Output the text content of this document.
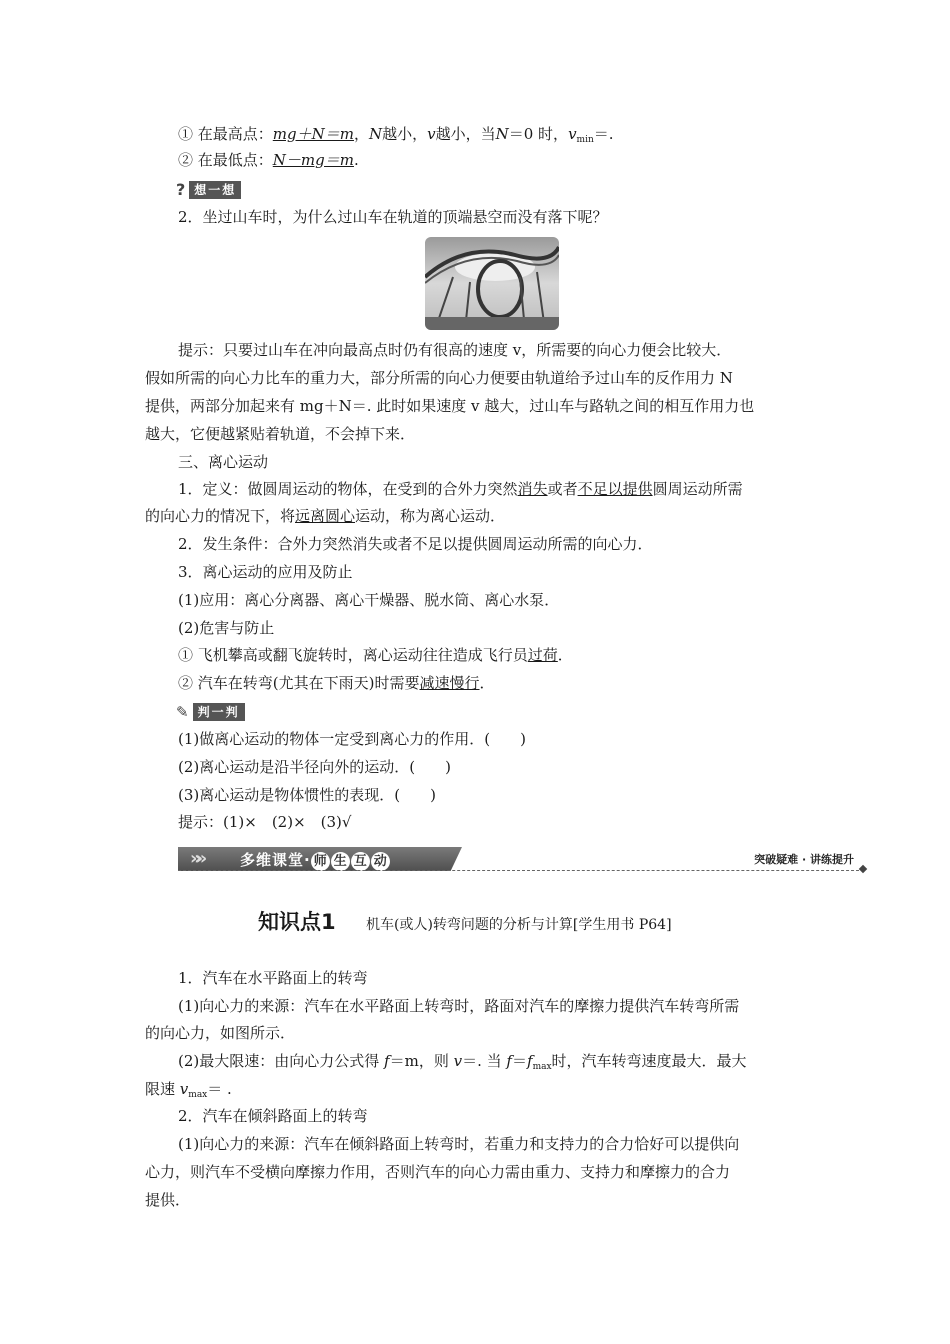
① 在最高点：mg＋N＝m，N越小，v越小，当N＝0 时，$v_{min}=$.
② 在最低点：N－mg＝m.
? 想一想
2．坐过山车时，为什么过山车在轨道的顶端悬空而没有落下呢？
提示：只要过山车在冲向最高点时仍有很高的速度 v，所需要的向心力便会比较大．
假如所需的向心力比车的重力大，部分所需的向心力便要由轨道给予过山车的反作用力 N
提供，两部分加起来有 mg＋N＝. 此时如果速度 v 越大，过山车与路轨之间的相互作用力也
越大，它便越紧贴着轨道，不会掉下来．
三、离心运动
1．定义：做圆周运动的物体，在受到的合外力突然消失或者不足以提供圆周运动所需
的向心力的情况下，将远离圆心运动，称为离心运动．
2．发生条件：合外力突然消失或者不足以提供圆周运动所需的向心力．
3．离心运动的应用及防止
(1)应用：离心分离器、离心干燥器、脱水筒、离心水泵．
(2)危害与防止
① 飞机攀高或翻飞旋转时，离心运动往往造成飞行员过荷．
② 汽车在转弯(尤其在下雨天)时需要减速慢行．
✎ 判一判
(1)做离心运动的物体一定受到离心力的作用．(　　)
(2)离心运动是沿半径向外的运动．(　　)
(3)离心运动是物体惯性的表现．(　　)
提示：(1)×　(2)×　(3)√
»»	多维课堂· 师 生 互 动	突破疑难 · 讲练提升
知识点1 机车(或人)转弯问题的分析与计算[学生用书 P64]
1．汽车在水平路面上的转弯
(1)向心力的来源：汽车在水平路面上转弯时，路面对汽车的摩擦力提供汽车转弯所需
的向心力，如图所示．
(2)最大限速：由向心力公式得 f＝m，则 v＝. 当 $f=f_{max}$时，汽车转弯速度最大．最大
限速 $v_{max}=$ .
2．汽车在倾斜路面上的转弯
(1)向心力的来源：汽车在倾斜路面上转弯时，若重力和支持力的合力恰好可以提供向
心力，则汽车不受横向摩擦力作用，否则汽车的向心力需由重力、支持力和摩擦力的合力
提供．
